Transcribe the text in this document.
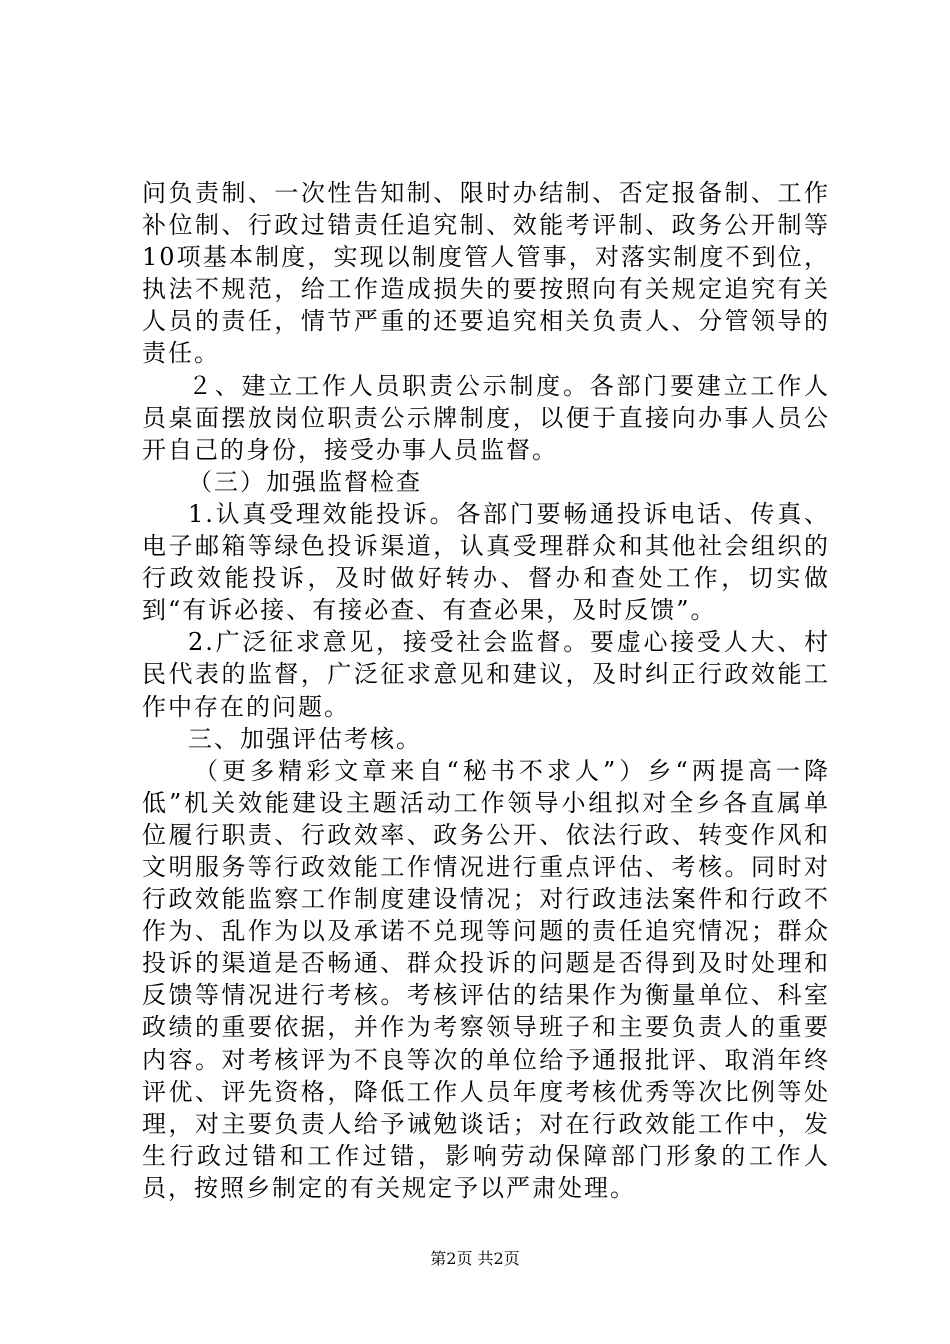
问负责制、一次性告知制、限时办结制、否定报备制、工作补位制、行政过错责任追究制、效能考评制、政务公开制等10项基本制度，实现以制度管人管事，对落实制度不到位，执法不规范，给工作造成损失的要按照向有关规定追究有关人员的责任，情节严重的还要追究相关负责人、分管领导的责任。

２、建立工作人员职责公示制度。各部门要建立工作人员桌面摆放岗位职责公示牌制度，以便于直接向办事人员公开自己的身份，接受办事人员监督。

（三）加强监督检查

1.认真受理效能投诉。各部门要畅通投诉电话、传真、电子邮箱等绿色投诉渠道，认真受理群众和其他社会组织的行政效能投诉，及时做好转办、督办和查处工作，切实做到“有诉必接、有接必查、有查必果，及时反馈”。

2.广泛征求意见，接受社会监督。要虚心接受人大、村民代表的监督，广泛征求意见和建议，及时纠正行政效能工作中存在的问题。

三、加强评估考核。

（更多精彩文章来自“秘书不求人”）乡“两提高一降低”机关效能建设主题活动工作领导小组拟对全乡各直属单位履行职责、行政效率、政务公开、依法行政、转变作风和文明服务等行政效能工作情况进行重点评估、考核。同时对行政效能监察工作制度建设情况；对行政违法案件和行政不作为、乱作为以及承诺不兑现等问题的责任追究情况；群众投诉的渠道是否畅通、群众投诉的问题是否得到及时处理和反馈等情况进行考核。考核评估的结果作为衡量单位、科室政绩的重要依据，并作为考察领导班子和主要负责人的重要内容。对考核评为不良等次的单位给予通报批评、取消年终评优、评先资格，降低工作人员年度考核优秀等次比例等处理，对主要负责人给予诫勉谈话；对在行政效能工作中，发生行政过错和工作过错，影响劳动保障部门形象的工作人员，按照乡制定的有关规定予以严肃处理。

第2页 共2页
